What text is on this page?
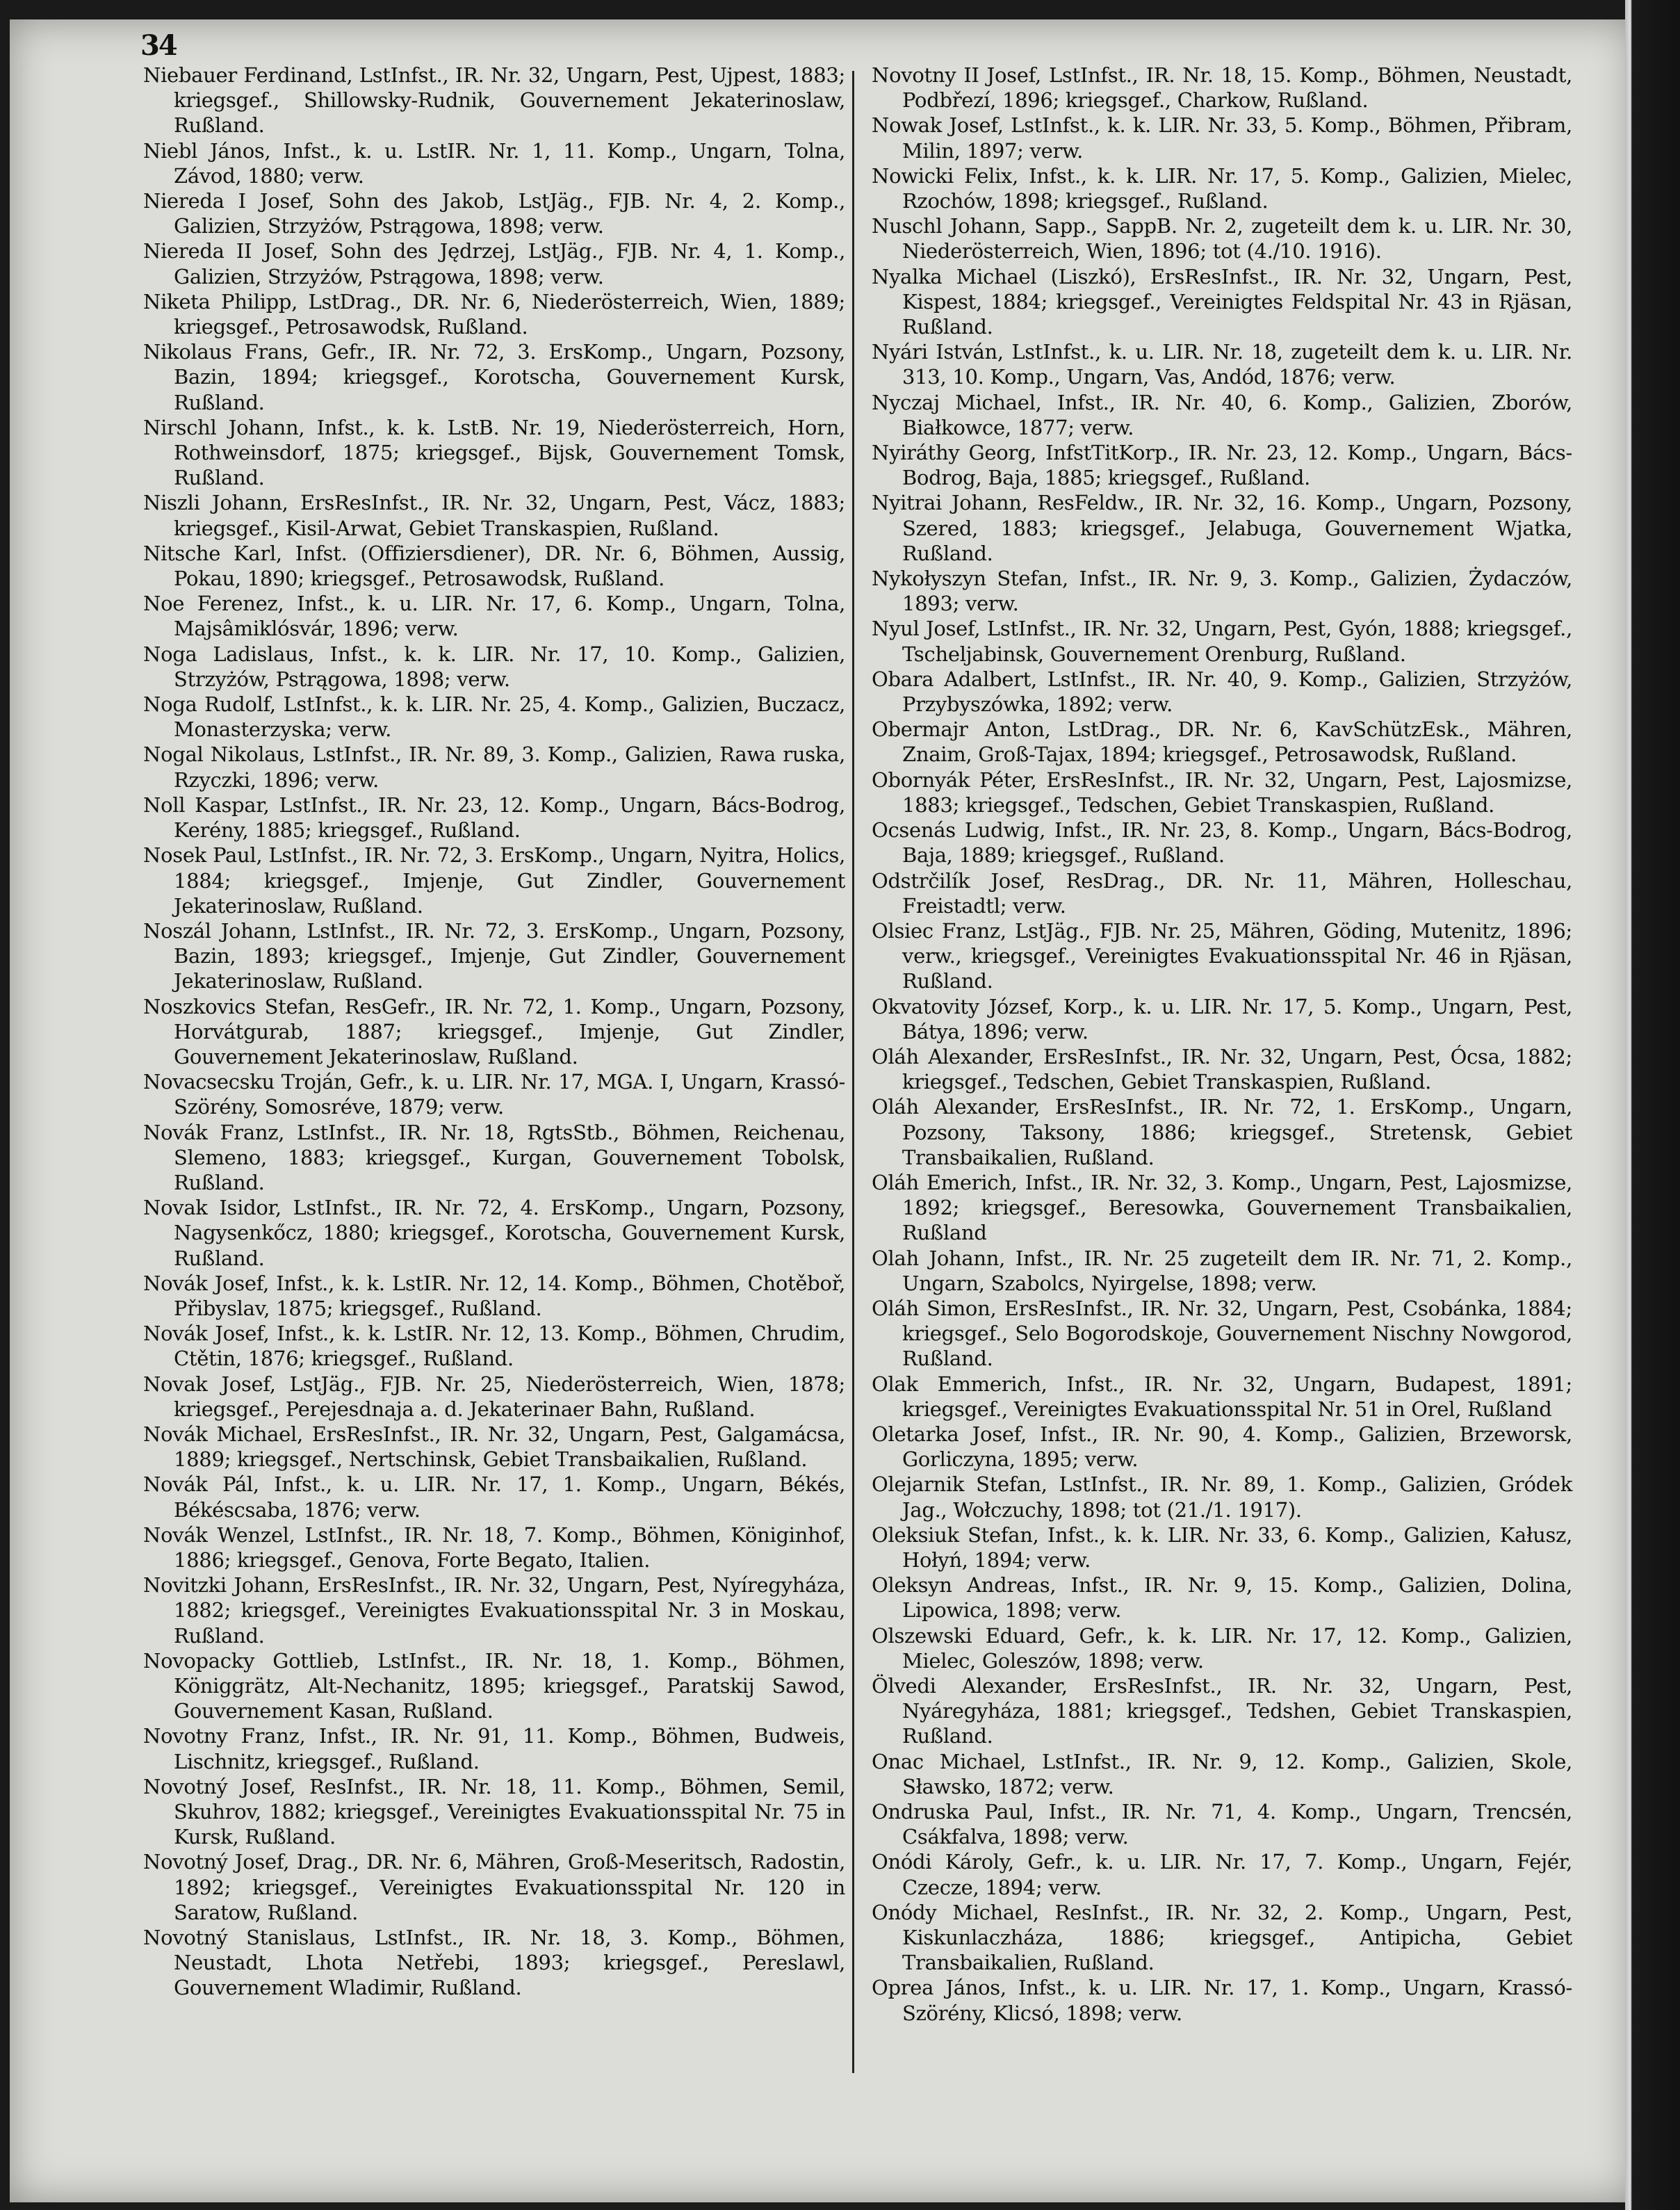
34

Niebauer Ferdinand, LstInfst., IR. Nr. 32, Ungarn, Pest, Ujpest, 1883; kriegsgef., Shillowsky-Rudnik, Gouvernement Jekaterinoslaw, Rußland.

Niebl János, Infst., k. u. LstIR. Nr. 1, 11. Komp., Ungarn, Tolna, Závod, 1880; verw.

Niereda I Josef, Sohn des Jakob, LstJäg., FJB. Nr. 4, 2. Komp., Galizien, Strzyżów, Pstrągowa, 1898; verw.

Niereda II Josef, Sohn des Jędrzej, LstJäg., FJB. Nr. 4, 1. Komp., Galizien, Strzyżów, Pstrągowa, 1898; verw.

Niketa Philipp, LstDrag., DR. Nr. 6, Niederösterreich, Wien, 1889; kriegsgef., Petrosawodsk, Rußland.

Nikolaus Frans, Gefr., IR. Nr. 72, 3. ErsKomp., Ungarn, Pozsony, Bazin, 1894; kriegsgef., Korotscha, Gouvernement Kursk, Rußland.

Nirschl Johann, Infst., k. k. LstB. Nr. 19, Niederösterreich, Horn, Rothweinsdorf, 1875; kriegsgef., Bijsk, Gouvernement Tomsk, Rußland.

Niszli Johann, ErsResInfst., IR. Nr. 32, Ungarn, Pest, Vácz, 1883; kriegsgef., Kisil-Arwat, Gebiet Transkaspien, Rußland.

Nitsche Karl, Infst. (Offiziersdiener), DR. Nr. 6, Böhmen, Aussig, Pokau, 1890; kriegsgef., Petrosawodsk, Rußland.

Noe Ferenez, Infst., k. u. LIR. Nr. 17, 6. Komp., Ungarn, Tolna, Majsâmiklósvár, 1896; verw.

Noga Ladislaus, Infst., k. k. LIR. Nr. 17, 10. Komp., Galizien, Strzyżów, Pstrągowa, 1898; verw.

Noga Rudolf, LstInfst., k. k. LIR. Nr. 25, 4. Komp., Galizien, Buczacz, Monasterzyska; verw.

Nogal Nikolaus, LstInfst., IR. Nr. 89, 3. Komp., Galizien, Rawa ruska, Rzyczki, 1896; verw.

Noll Kaspar, LstInfst., IR. Nr. 23, 12. Komp., Ungarn, Bács-Bodrog, Kerény, 1885; kriegsgef., Rußland.

Nosek Paul, LstInfst., IR. Nr. 72, 3. ErsKomp., Ungarn, Nyitra, Holics, 1884; kriegsgef., Imjenje, Gut Zindler, Gouvernement Jekaterinoslaw, Rußland.

Noszál Johann, LstInfst., IR. Nr. 72, 3. ErsKomp., Ungarn, Pozsony, Bazin, 1893; kriegsgef., Imjenje, Gut Zindler, Gouvernement Jekaterinoslaw, Rußland.

Noszkovics Stefan, ResGefr., IR. Nr. 72, 1. Komp., Ungarn, Pozsony, Horvátgurab, 1887; kriegsgef., Imjenje, Gut Zindler, Gouvernement Jekaterinoslaw, Rußland.

Novacsecsku Troján, Gefr., k. u. LIR. Nr. 17, MGA. I, Ungarn, Krassó-Szörény, Somosréve, 1879; verw.

Novák Franz, LstInfst., IR. Nr. 18, RgtsStb., Böhmen, Reichenau, Slemeno, 1883; kriegsgef., Kurgan, Gouvernement Tobolsk, Rußland.

Novak Isidor, LstInfst., IR. Nr. 72, 4. ErsKomp., Ungarn, Pozsony, Nagysenkőcz, 1880; kriegsgef., Korotscha, Gouvernement Kursk, Rußland.

Novák Josef, Infst., k. k. LstIR. Nr. 12, 14. Komp., Böhmen, Chotěboř, Přibyslav, 1875; kriegsgef., Rußland.

Novák Josef, Infst., k. k. LstIR. Nr. 12, 13. Komp., Böhmen, Chrudim, Ctětin, 1876; kriegsgef., Rußland.

Novak Josef, LstJäg., FJB. Nr. 25, Niederösterreich, Wien, 1878; kriegsgef., Perejesdnaja a. d. Jekaterinaer Bahn, Rußland.

Novák Michael, ErsResInfst., IR. Nr. 32, Ungarn, Pest, Galgamácsa, 1889; kriegsgef., Nertschinsk, Gebiet Transbaikalien, Rußland.

Novák Pál, Infst., k. u. LIR. Nr. 17, 1. Komp., Ungarn, Békés, Békéscsaba, 1876; verw.

Novák Wenzel, LstInfst., IR. Nr. 18, 7. Komp., Böhmen, Königinhof, 1886; kriegsgef., Genova, Forte Begato, Italien.

Novitzki Johann, ErsResInfst., IR. Nr. 32, Ungarn, Pest, Nyíregyháza, 1882; kriegsgef., Vereinigtes Evakuationsspital Nr. 3 in Moskau, Rußland.

Novopacky Gottlieb, LstInfst., IR. Nr. 18, 1. Komp., Böhmen, Königgrätz, Alt-Nechanitz, 1895; kriegsgef., Paratskij Sawod, Gouvernement Kasan, Rußland.

Novotny Franz, Infst., IR. Nr. 91, 11. Komp., Böhmen, Budweis, Lischnitz, kriegsgef., Rußland.

Novotný Josef, ResInfst., IR. Nr. 18, 11. Komp., Böhmen, Semil, Skuhrov, 1882; kriegsgef., Vereinigtes Evakuationsspital Nr. 75 in Kursk, Rußland.

Novotný Josef, Drag., DR. Nr. 6, Mähren, Groß-Meseritsch, Radostin, 1892; kriegsgef., Vereinigtes Evakuationsspital Nr. 120 in Saratow, Rußland.

Novotný Stanislaus, LstInfst., IR. Nr. 18, 3. Komp., Böhmen, Neustadt, Lhota Netřebi, 1893; kriegsgef., Pereslawl, Gouvernement Wladimir, Rußland.

Novotny II Josef, LstInfst., IR. Nr. 18, 15. Komp., Böhmen, Neustadt, Podbřezí, 1896; kriegsgef., Charkow, Rußland.

Nowak Josef, LstInfst., k. k. LIR. Nr. 33, 5. Komp., Böhmen, Přibram, Milin, 1897; verw.

Nowicki Felix, Infst., k. k. LIR. Nr. 17, 5. Komp., Galizien, Mielec, Rzochów, 1898; kriegsgef., Rußland.

Nuschl Johann, Sapp., SappB. Nr. 2, zugeteilt dem k. u. LIR. Nr. 30, Niederösterreich, Wien, 1896; tot (4./10. 1916).

Nyalka Michael (Liszkó), ErsResInfst., IR. Nr. 32, Ungarn, Pest, Kispest, 1884; kriegsgef., Vereinigtes Feldspital Nr. 43 in Rjäsan, Rußland.

Nyári István, LstInfst., k. u. LIR. Nr. 18, zugeteilt dem k. u. LIR. Nr. 313, 10. Komp., Ungarn, Vas, Andód, 1876; verw.

Nyczaj Michael, Infst., IR. Nr. 40, 6. Komp., Galizien, Zborów, Białkowce, 1877; verw.

Nyiráthy Georg, InfstTitKorp., IR. Nr. 23, 12. Komp., Ungarn, Bács-Bodrog, Baja, 1885; kriegsgef., Rußland.

Nyitrai Johann, ResFeldw., IR. Nr. 32, 16. Komp., Ungarn, Pozsony, Szered, 1883; kriegsgef., Jelabuga, Gouvernement Wjatka, Rußland.

Nykołyszyn Stefan, Infst., IR. Nr. 9, 3. Komp., Galizien, Żydaczów, 1893; verw.

Nyul Josef, LstInfst., IR. Nr. 32, Ungarn, Pest, Gyón, 1888; kriegsgef., Tscheljabinsk, Gouvernement Orenburg, Rußland.

Obara Adalbert, LstInfst., IR. Nr. 40, 9. Komp., Galizien, Strzyżów, Przybyszówka, 1892; verw.

Obermajr Anton, LstDrag., DR. Nr. 6, KavSchützEsk., Mähren, Znaim, Groß-Tajax, 1894; kriegsgef., Petrosawodsk, Rußland.

Obornyák Péter, ErsResInfst., IR. Nr. 32, Ungarn, Pest, Lajosmizse, 1883; kriegsgef., Tedschen, Gebiet Transkaspien, Rußland.

Ocsenás Ludwig, Infst., IR. Nr. 23, 8. Komp., Ungarn, Bács-Bodrog, Baja, 1889; kriegsgef., Rußland.

Odstrčilík Josef, ResDrag., DR. Nr. 11, Mähren, Holleschau, Freistadtl; verw.

Olsiec Franz, LstJäg., FJB. Nr. 25, Mähren, Göding, Mutenitz, 1896; verw., kriegsgef., Vereinigtes Evakuationsspital Nr. 46 in Rjäsan, Rußland.

Okvatovity József, Korp., k. u. LIR. Nr. 17, 5. Komp., Ungarn, Pest, Bátya, 1896; verw.

Oláh Alexander, ErsResInfst., IR. Nr. 32, Ungarn, Pest, Ócsa, 1882; kriegsgef., Tedschen, Gebiet Transkaspien, Rußland.

Oláh Alexander, ErsResInfst., IR. Nr. 72, 1. ErsKomp., Ungarn, Pozsony, Taksony, 1886; kriegsgef., Stretensk, Gebiet Transbaikalien, Rußland.

Oláh Emerich, Infst., IR. Nr. 32, 3. Komp., Ungarn, Pest, Lajosmizse, 1892; kriegsgef., Beresowka, Gouvernement Transbaikalien, Rußland

Olah Johann, Infst., IR. Nr. 25 zugeteilt dem IR. Nr. 71, 2. Komp., Ungarn, Szabolcs, Nyirgelse, 1898; verw.

Oláh Simon, ErsResInfst., IR. Nr. 32, Ungarn, Pest, Csobánka, 1884; kriegsgef., Selo Bogorodskoje, Gouvernement Nischny Nowgorod, Rußland.

Olak Emmerich, Infst., IR. Nr. 32, Ungarn, Budapest, 1891; kriegsgef., Vereinigtes Evakuationsspital Nr. 51 in Orel, Rußland

Oletarka Josef, Infst., IR. Nr. 90, 4. Komp., Galizien, Brzeworsk, Gorliczyna, 1895; verw.

Olejarnik Stefan, LstInfst., IR. Nr. 89, 1. Komp., Galizien, Gródek Jag., Wołczuchy, 1898; tot (21./1. 1917).

Oleksiuk Stefan, Infst., k. k. LIR. Nr. 33, 6. Komp., Galizien, Kałusz, Hołyń, 1894; verw.

Oleksyn Andreas, Infst., IR. Nr. 9, 15. Komp., Galizien, Dolina, Lipowica, 1898; verw.

Olszewski Eduard, Gefr., k. k. LIR. Nr. 17, 12. Komp., Galizien, Mielec, Goleszów, 1898; verw.

Ölvedi Alexander, ErsResInfst., IR. Nr. 32, Ungarn, Pest, Nyáregyháza, 1881; kriegsgef., Tedshen, Gebiet Transkaspien, Rußland.

Onac Michael, LstInfst., IR. Nr. 9, 12. Komp., Galizien, Skole, Sławsko, 1872; verw.

Ondruska Paul, Infst., IR. Nr. 71, 4. Komp., Ungarn, Trencsén, Csákfalva, 1898; verw.

Onódi Károly, Gefr., k. u. LIR. Nr. 17, 7. Komp., Ungarn, Fejér, Czecze, 1894; verw.

Onódy Michael, ResInfst., IR. Nr. 32, 2. Komp., Ungarn, Pest, Kiskunlaczháza, 1886; kriegsgef., Antipicha, Gebiet Transbaikalien, Rußland.

Oprea János, Infst., k. u. LIR. Nr. 17, 1. Komp., Ungarn, Krassó-Szörény, Klicsó, 1898; verw.
